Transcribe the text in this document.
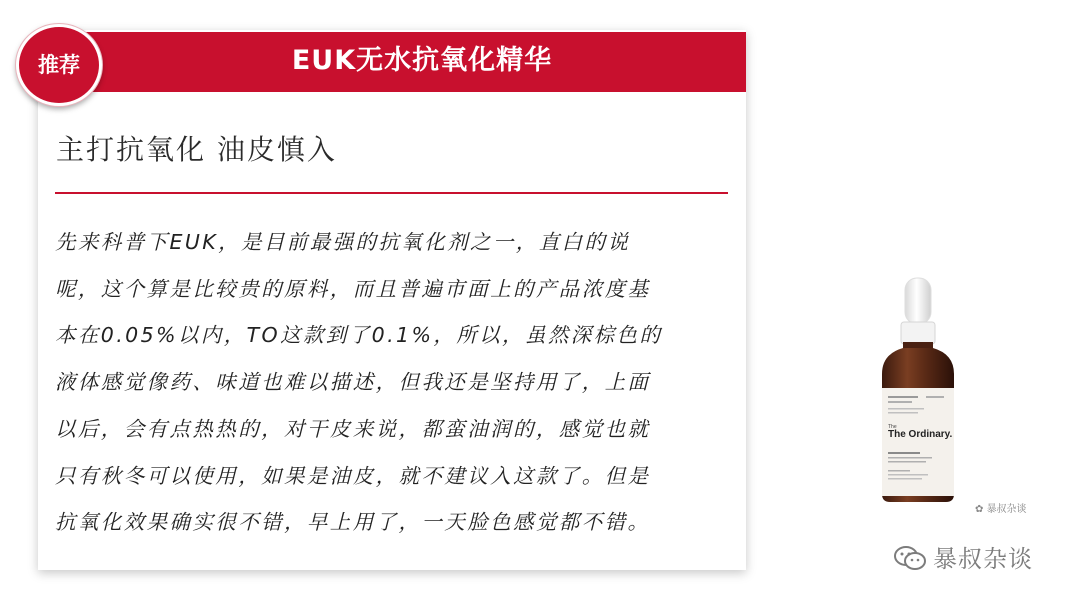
EUK无水抗氧化精华
推荐
主打抗氧化 油皮慎入
先来科普下EUK，是目前最强的抗氧化剂之一，直白的说
呢，这个算是比较贵的原料，而且普遍市面上的产品浓度基
本在0.05%以内，TO这款到了0.1%，所以，虽然深棕色的
液体感觉像药、味道也难以描述，但我还是坚持用了，上面
以后，会有点热热的，对干皮来说，都蛮油润的，感觉也就
只有秋冬可以使用，如果是油皮，就不建议入这款了。但是
抗氧化效果确实很不错，早上用了，一天脸色感觉都不错。
The
The Ordinary.
✿ 暴叔杂谈
暴叔杂谈
